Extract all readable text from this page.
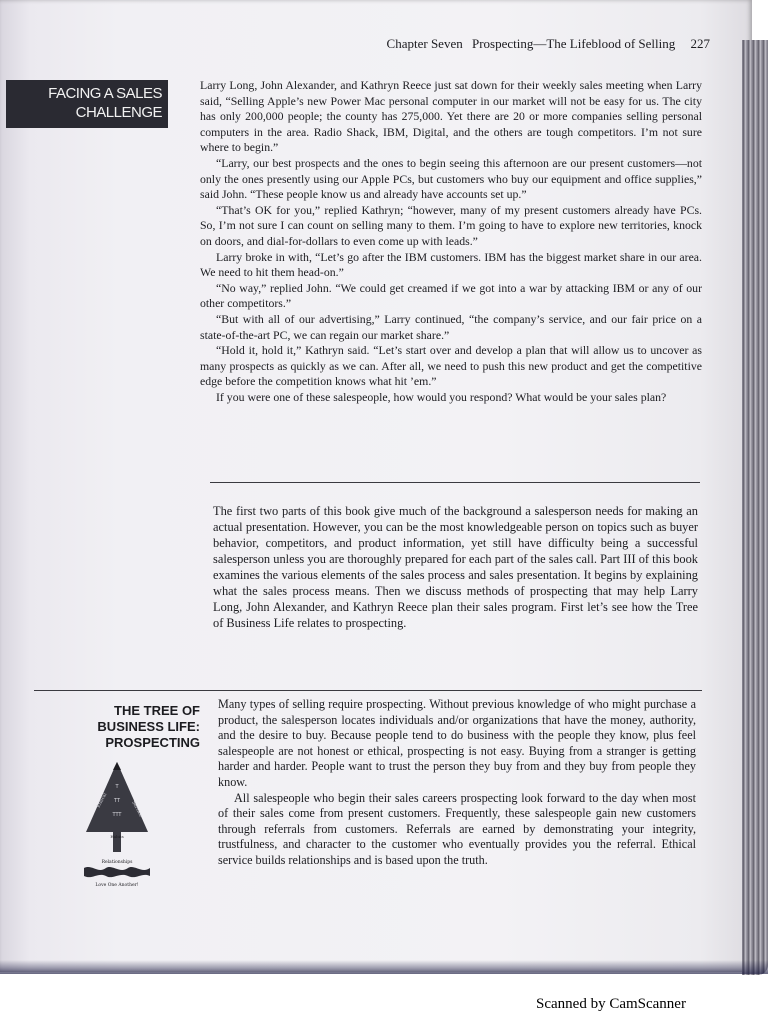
Chapter Seven Prospecting—The Lifeblood of Selling 227
FACING A SALES
CHALLENGE

Larry Long, John Alexander, and Kathryn Reece just sat down for their weekly sales meeting when Larry said, “Selling Apple’s new Power Mac personal computer in our market will not be easy for us. The city has only 200,000 people; the county has 275,000. Yet there are 20 or more companies selling personal computers in the area. Radio Shack, IBM, Digital, and the others are tough competitors. I’m not sure where to begin.”

“Larry, our best prospects and the ones to begin seeing this afternoon are our present customers—not only the ones presently using our Apple PCs, but customers who buy our equipment and office supplies,” said John. “These people know us and already have accounts set up.”

“That’s OK for you,” replied Kathryn; “however, many of my present customers already have PCs. So, I’m not sure I can count on selling many to them. I’m going to have to explore new territories, knock on doors, and dial-for-dollars to even come up with leads.”

Larry broke in with, “Let’s go after the IBM customers. IBM has the biggest market share in our area. We need to hit them head-on.”

“No way,” replied John. “We could get creamed if we got into a war by attacking IBM or any of our other competitors.”

“But with all of our advertising,” Larry continued, “the company’s service, and our fair price on a state-of-the-art PC, we can regain our market share.”

“Hold it, hold it,” Kathryn said. “Let’s start over and develop a plan that will allow us to uncover as many prospects as quickly as we can. After all, we need to push this new product and get the competitive edge before the competition knows what hit ’em.”

If you were one of these salespeople, how would you respond? What would be your sales plan?

The first two parts of this book give much of the background a salesperson needs for making an actual presentation. However, you can be the most knowledgeable person on topics such as buyer behavior, competitors, and product information, yet still have difficulty being a successful salesperson unless you are thoroughly prepared for each part of the sales call. Part III of this book examines the various elements of the sales process and sales presentation. It begins by explaining what the sales process means. Then we discuss methods of prospecting that may help Larry Long, John Alexander, and Kathryn Reece plan their sales program. First let’s see how the Tree of Business Life relates to prospecting.

THE TREE OF
BUSINESS LIFE:
PROSPECTING
T
TT
TTT
Ethical	Service
Habits
Relationships
Love One Another!

Many types of selling require prospecting. Without previous knowledge of who might purchase a product, the salesperson locates individuals and/or organizations that have the money, authority, and the desire to buy. Because people tend to do business with the people they know, plus feel salespeople are not honest or ethical, prospecting is not easy. Buying from a stranger is getting harder and harder. People want to trust the person they buy from and they buy from people they know.

All salespeople who begin their sales careers prospecting look forward to the day when most of their sales come from present customers. Frequently, these salespeople gain new customers through referrals from customers. Referrals are earned by demonstrating your integrity, trustfulness, and character to the customer who eventually provides you the referral. Ethical service builds relationships and is based upon the truth.

Scanned by CamScanner
